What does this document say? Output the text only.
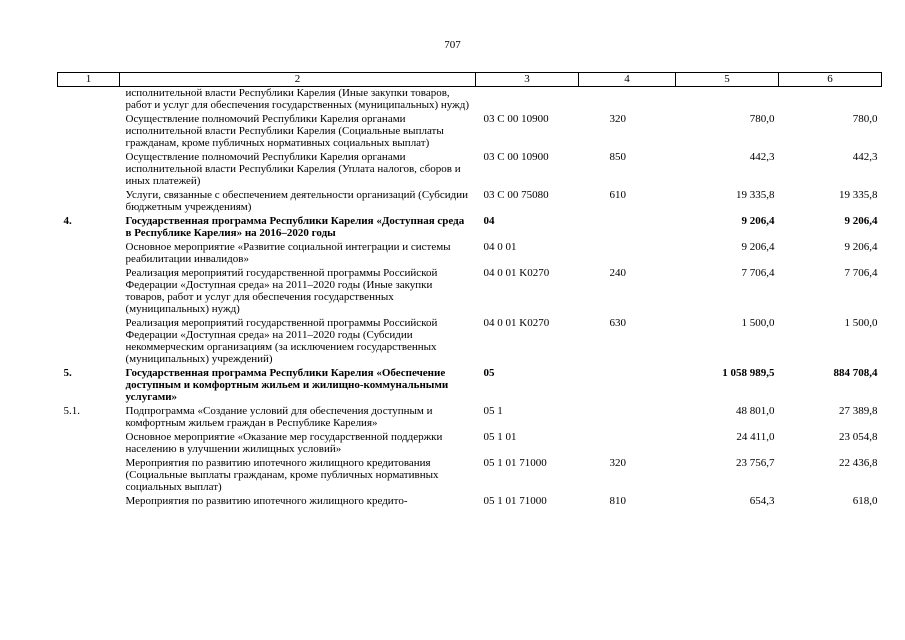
707
1	2	3	4	5	6
	исполнительной власти Республики Карелия (Иные закупки товаров, работ и услуг для обеспечения государственных (муниципальных) нужд)				
	Осуществление полномочий Республики Карелия органами исполнительной власти Республики Карелия (Социальные выплаты гражданам, кроме публичных нормативных социальных выплат)	03 С 00 10900	320	780,0	780,0
	Осуществление полномочий Республики Карелия органами исполнительной власти Республики Карелия (Уплата налогов, сборов и иных платежей)	03 С 00 10900	850	442,3	442,3
	Услуги, связанные с обеспечением деятельности организаций (Субсидии бюджетным учреждениям)	03 С 00 75080	610	19 335,8	19 335,8
4.	Государственная программа Республики Карелия «Доступная среда в Республике Карелия» на 2016–2020 годы	04		9 206,4	9 206,4
	Основное мероприятие «Развитие социальной интеграции и системы реабилитации инвалидов»	04 0 01		9 206,4	9 206,4
	Реализация мероприятий государственной программы Российской Федерации «Доступная среда» на 2011–2020 годы (Иные закупки товаров, работ и услуг для обеспечения государственных (муниципальных) нужд)	04 0 01 K0270	240	7 706,4	7 706,4
	Реализация мероприятий государственной программы Российской Федерации «Доступная среда» на 2011–2020 годы (Субсидии некоммерческим организациям (за исключением государственных (муниципальных) учреждений)	04 0 01 K0270	630	1 500,0	1 500,0
5.	Государственная программа Республики Карелия «Обеспечение доступным и комфортным жильем и жилищно-коммунальными услугами»	05		1 058 989,5	884 708,4
5.1.	Подпрограмма «Создание условий для обеспечения доступным и комфортным жильем граждан в Республике Карелия»	05 1		48 801,0	27 389,8
	Основное мероприятие «Оказание мер государственной поддержки населению в улучшении жилищных условий»	05 1 01		24 411,0	23 054,8
	Мероприятия по развитию ипотечного жилищного кредитования (Социальные выплаты гражданам, кроме публичных нормативных социальных выплат)	05 1 01 71000	320	23 756,7	22 436,8
	Мероприятия по развитию ипотечного жилищного кредито-	05 1 01 71000	810	654,3	618,0
